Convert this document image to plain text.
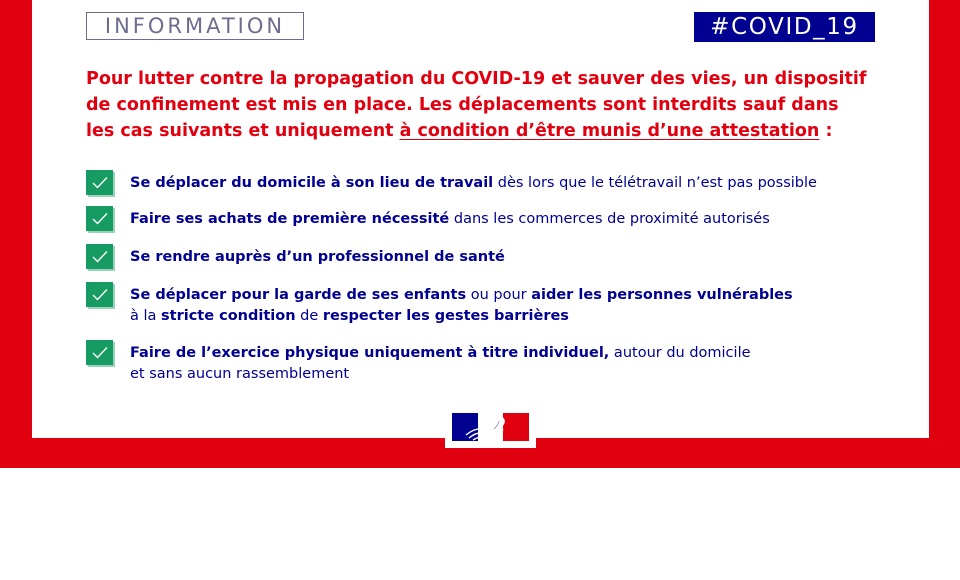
INFORMATION	#COVID_19

Pour lutter contre la propagation du COVID-19 et sauver des vies, un dispositif
de confinement est mis en place. Les déplacements sont interdits sauf dans
les cas suivants et uniquement à condition d’être munis d’une attestation :

Se déplacer du domicile à son lieu de travail dès lors que le télétravail n’est pas possible
Faire ses achats de première nécessité dans les commerces de proximité autorisés
Se rendre auprès d’un professionnel de santé
Se déplacer pour la garde de ses enfants ou pour aider les personnes vulnérables
à la stricte condition de respecter les gestes barrières
Faire de l’exercice physique uniquement à titre individuel, autour du domicile
et sans aucun rassemblement
